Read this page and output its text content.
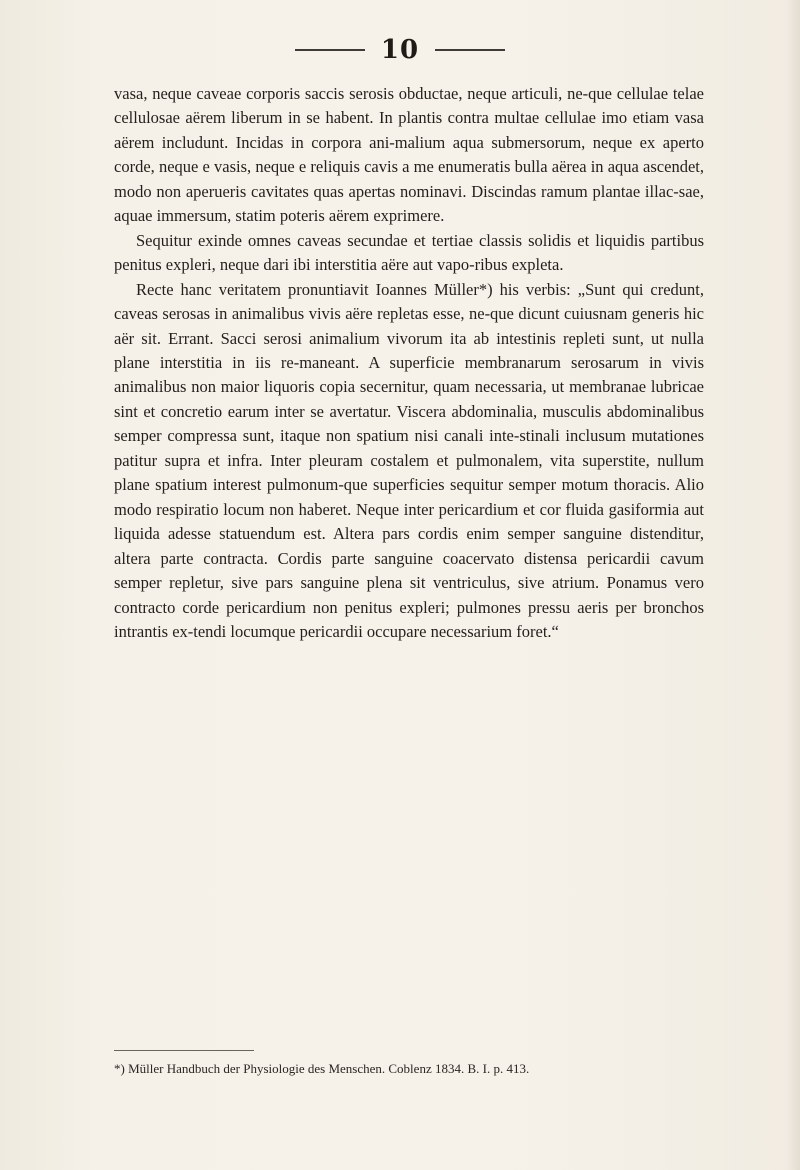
10

vasa, neque caveae corporis saccis serosis obductae, neque articuli, ne-que cellulae telae cellulosae aërem liberum in se habent. In plantis contra multae cellulae imo etiam vasa aërem includunt. Incidas in corpora ani-malium aqua submersorum, neque ex aperto corde, neque e vasis, neque e reliquis cavis a me enumeratis bulla aërea in aqua ascendet, modo non aperueris cavitates quas apertas nominavi. Discindas ramum plantae illac-sae, aquae immersum, statim poteris aërem exprimere.

Sequitur exinde omnes caveas secundae et tertiae classis solidis et liquidis partibus penitus expleri, neque dari ibi interstitia aëre aut vapo-ribus expleta.

Recte hanc veritatem pronuntiavit Ioannes Müller*) his verbis: „Sunt qui credunt, caveas serosas in animalibus vivis aëre repletas esse, ne-que dicunt cuiusnam generis hic aër sit. Errant. Sacci serosi animalium vivorum ita ab intestinis repleti sunt, ut nulla plane interstitia in iis re-maneant. A superficie membranarum serosarum in vivis animalibus non maior liquoris copia secernitur, quam necessaria, ut membranae lubricae sint et concretio earum inter se avertatur. Viscera abdominalia, musculis abdominalibus semper compressa sunt, itaque non spatium nisi canali inte-stinali inclusum mutationes patitur supra et infra. Inter pleuram costalem et pulmonalem, vita superstite, nullum plane spatium interest pulmonum-que superficies sequitur semper motum thoracis. Alio modo respiratio locum non haberet. Neque inter pericardium et cor fluida gasiformia aut liquida adesse statuendum est. Altera pars cordis enim semper sanguine distenditur, altera parte contracta. Cordis parte sanguine coacervato distensa pericardii cavum semper repletur, sive pars sanguine plena sit ventriculus, sive atrium. Ponamus vero contracto corde pericardium non penitus expleri; pulmones pressu aeris per bronchos intrantis ex-tendi locumque pericardii occupare necessarium foret.“

*) Müller Handbuch der Physiologie des Menschen. Coblenz 1834. B. I. p. 413.
